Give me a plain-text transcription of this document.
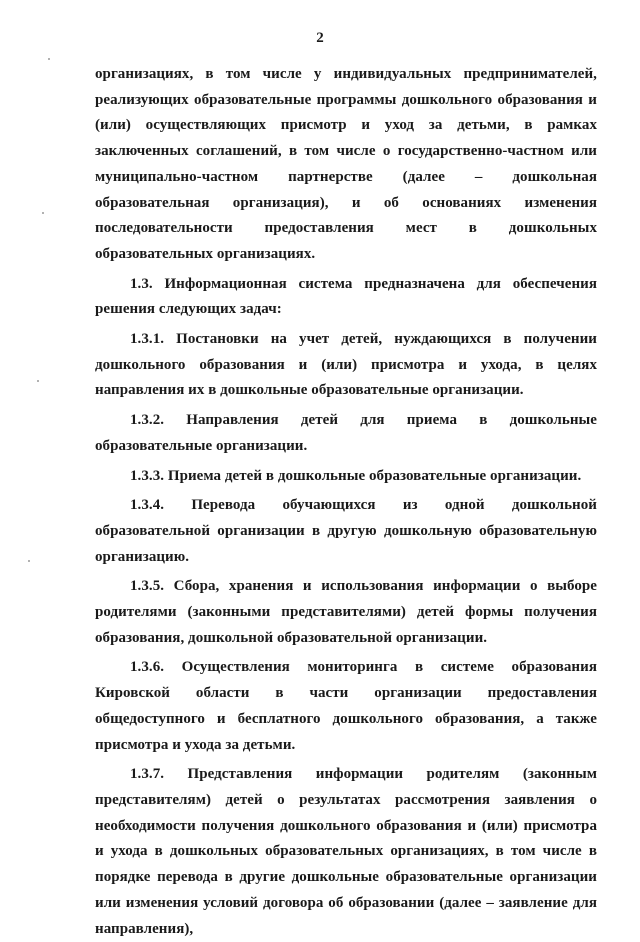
2

организациях, в том числе у индивидуальных предпринимателей, реализующих образовательные программы дошкольного образования и (или) осуществляющих присмотр и уход за детьми, в рамках заключенных соглашений, в том числе о государственно-частном или муниципально-частном партнерстве (далее – дошкольная образовательная организация), и об основаниях изменения последовательности предоставления мест в дошкольных образовательных организациях.

1.3. Информационная система предназначена для обеспечения решения следующих задач:

1.3.1. Постановки на учет детей, нуждающихся в получении дошкольного образования и (или) присмотра и ухода, в целях направления их в дошкольные образовательные организации.

1.3.2. Направления детей для приема в дошкольные образовательные организации.

1.3.3. Приема детей в дошкольные образовательные организации.

1.3.4. Перевода обучающихся из одной дошкольной образовательной организации в другую дошкольную образовательную организацию.

1.3.5. Сбора, хранения и использования информации о выборе родителями (законными представителями) детей формы получения образования, дошкольной образовательной организации.

1.3.6. Осуществления мониторинга в системе образования Кировской области в части организации предоставления общедоступного и бесплатного дошкольного образования, а также присмотра и ухода за детьми.

1.3.7. Представления информации родителям (законным представителям) детей о результатах рассмотрения заявления о необходимости получения дошкольного образования и (или) присмотра и ухода в дошкольных образовательных организациях, в том числе в порядке перевода в другие дошкольные образовательные организации или изменения условий договора об образовании (далее – заявление для направления),
